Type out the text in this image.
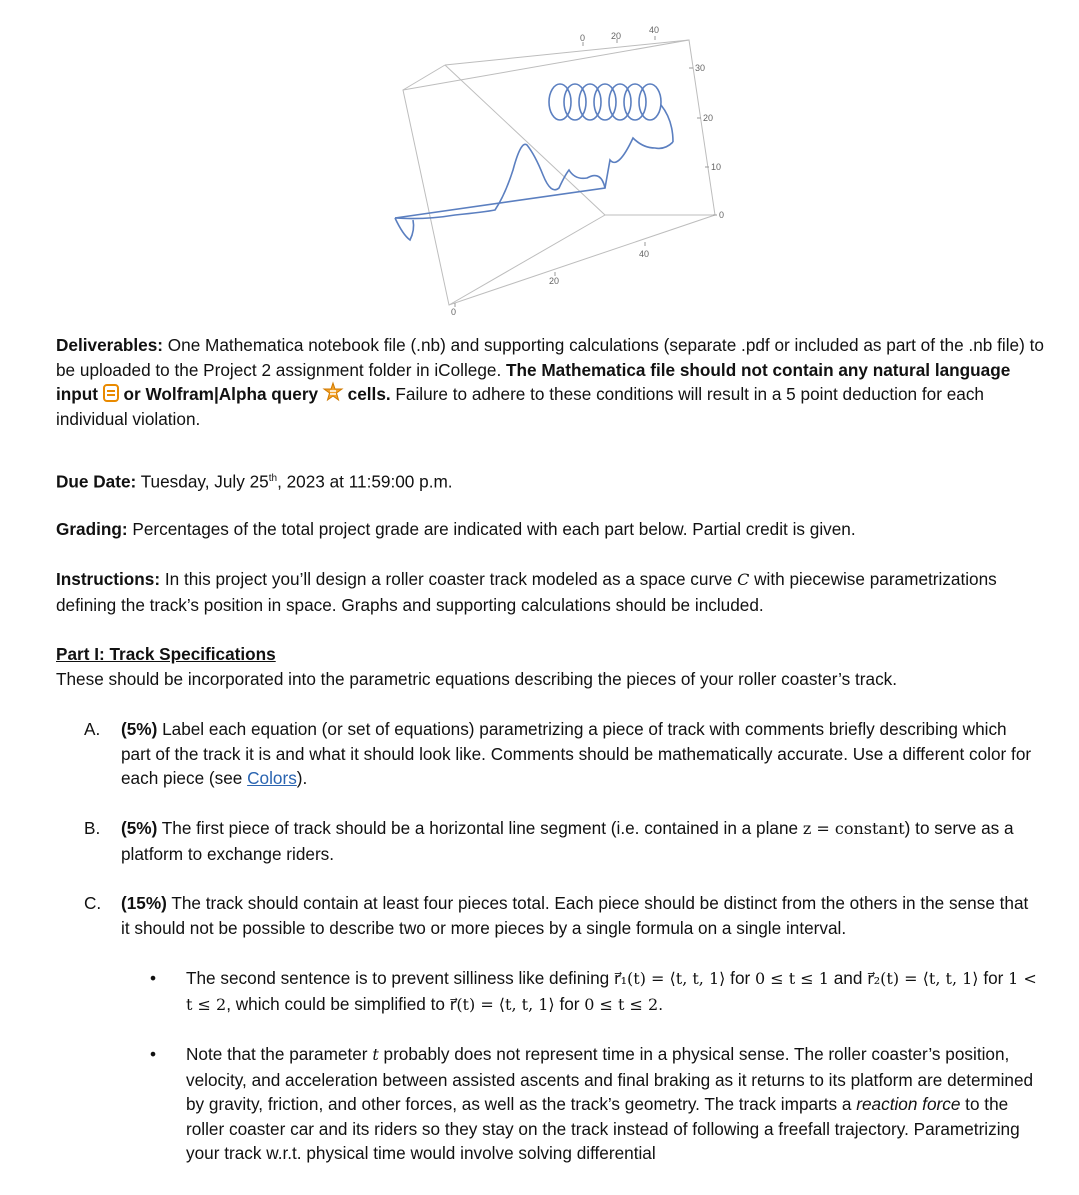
0	20
40
30
20
10
0
40
20
0
Deliverables: One Mathematica notebook file (.nb) and supporting calculations (separate .pdf or included as part of the .nb file) to be uploaded to the Project 2 assignment folder in iCollege. The Mathematica file should not contain any natural language input  or Wolfram|Alpha query  cells. Failure to adhere to these conditions will result in a 5 point deduction for each individual violation.
Due Date: Tuesday, July 25th, 2023 at 11:59:00 p.m.
Grading: Percentages of the total project grade are indicated with each part below. Partial credit is given.
Instructions: In this project you’ll design a roller coaster track modeled as a space curve C with piecewise parametrizations defining the track’s position in space. Graphs and supporting calculations should be included.
Part I: Track Specifications
These should be incorporated into the parametric equations describing the pieces of your roller coaster’s track.
A. (5%) Label each equation (or set of equations) parametrizing a piece of track with comments briefly describing which part of the track it is and what it should look like. Comments should be mathematically accurate. Use a different color for each piece (see Colors).
B. (5%) The first piece of track should be a horizontal line segment (i.e. contained in a plane z = constant) to serve as a platform to exchange riders.
C. (15%) The track should contain at least four pieces total. Each piece should be distinct from the others in the sense that it should not be possible to describe two or more pieces by a single formula on a single interval.
• The second sentence is to prevent silliness like defining r⃗₁(t) = ⟨t, t, 1⟩ for 0 ≤ t ≤ 1 and r⃗₂(t) = ⟨t, t, 1⟩ for 1 < t ≤ 2, which could be simplified to r⃗(t) = ⟨t, t, 1⟩ for 0 ≤ t ≤ 2.
• Note that the parameter t probably does not represent time in a physical sense. The roller coaster’s position, velocity, and acceleration between assisted ascents and final braking as it returns to its platform are determined by gravity, friction, and other forces, as well as the track’s geometry. The track imparts a reaction force to the roller coaster car and its riders so they stay on the track instead of following a freefall trajectory. Parametrizing your track w.r.t. physical time would involve solving differential
